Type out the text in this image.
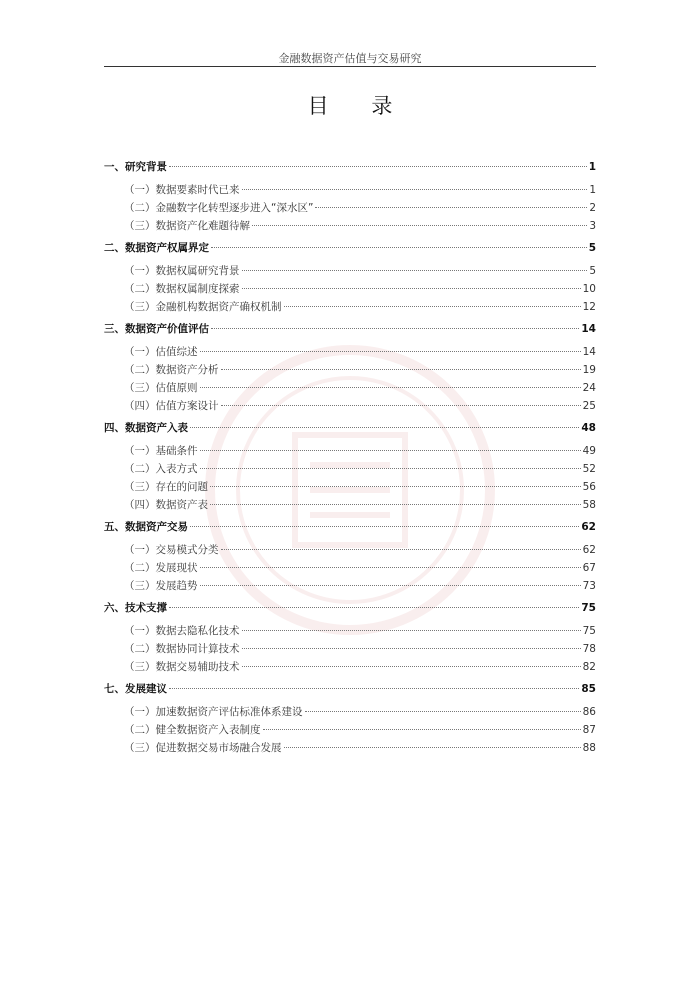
金融数据资产估值与交易研究
目 录
一、研究背景	1
（一）数据要素时代已来	1
（二）金融数字化转型逐步进入“深水区”	2
（三）数据资产化难题待解	3
二、数据资产权属界定	5
（一）数据权属研究背景	5
（二）数据权属制度探索	10
（三）金融机构数据资产确权机制	12
三、数据资产价值评估	14
（一）估值综述	14
（二）数据资产分析	19
（三）估值原则	24
（四）估值方案设计	25
四、数据资产入表	48
（一）基础条件	49
（二）入表方式	52
（三）存在的问题	56
（四）数据资产表	58
五、数据资产交易	62
（一）交易模式分类	62
（二）发展现状	67
（三）发展趋势	73
六、技术支撑	75
（一）数据去隐私化技术	75
（二）数据协同计算技术	78
（三）数据交易辅助技术	82
七、发展建议	85
（一）加速数据资产评估标准体系建设	86
（二）健全数据资产入表制度	87
（三）促进数据交易市场融合发展	88
